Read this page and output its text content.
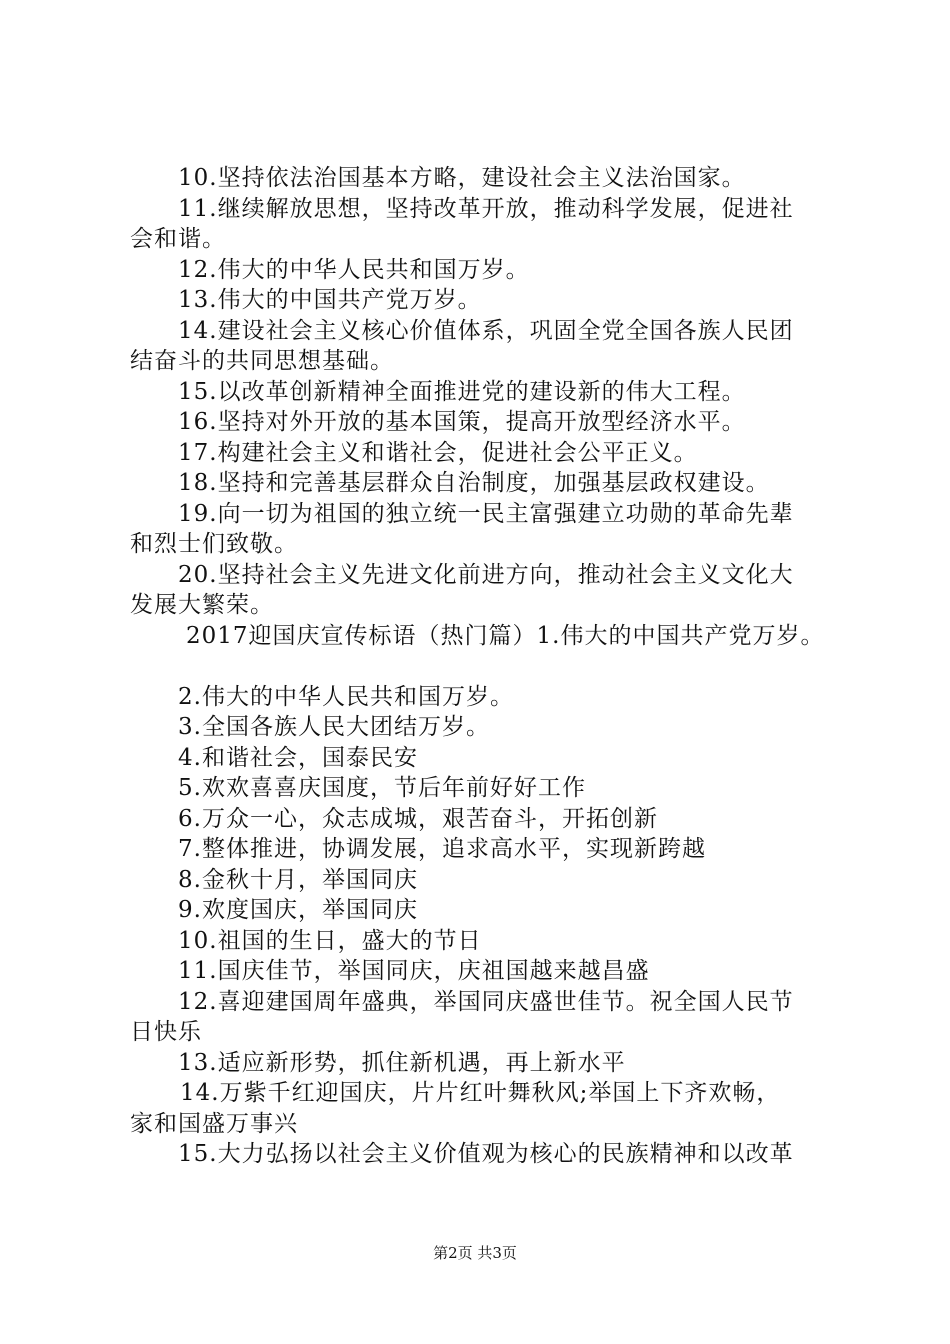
10.坚持依法治国基本方略，建设社会主义法治国家。
11.继续解放思想，坚持改革开放，推动科学发展，促进社
会和谐。
12.伟大的中华人民共和国万岁。
13.伟大的中国共产党万岁。
14.建设社会主义核心价值体系，巩固全党全国各族人民团
结奋斗的共同思想基础。
15.以改革创新精神全面推进党的建设新的伟大工程。
16.坚持对外开放的基本国策，提高开放型经济水平。
17.构建社会主义和谐社会，促进社会公平正义。
18.坚持和完善基层群众自治制度，加强基层政权建设。
19.向一切为祖国的独立统一民主富强建立功勋的革命先辈
和烈士们致敬。
20.坚持社会主义先进文化前进方向，推动社会主义文化大
发展大繁荣。
2017迎国庆宣传标语（热门篇）1.伟大的中国共产党万岁。
2.伟大的中华人民共和国万岁。
3.全国各族人民大团结万岁。
4.和谐社会，国泰民安
5.欢欢喜喜庆国度，节后年前好好工作
6.万众一心，众志成城，艰苦奋斗，开拓创新
7.整体推进，协调发展，追求高水平，实现新跨越
8.金秋十月，举国同庆
9.欢度国庆，举国同庆
10.祖国的生日，盛大的节日
11.国庆佳节，举国同庆，庆祖国越来越昌盛
12.喜迎建国周年盛典，举国同庆盛世佳节。祝全国人民节
日快乐
13.适应新形势，抓住新机遇，再上新水平
14.万紫千红迎国庆，片片红叶舞秋风;举国上下齐欢畅，
家和国盛万事兴
15.大力弘扬以社会主义价值观为核心的民族精神和以改革
第2页 共3页
